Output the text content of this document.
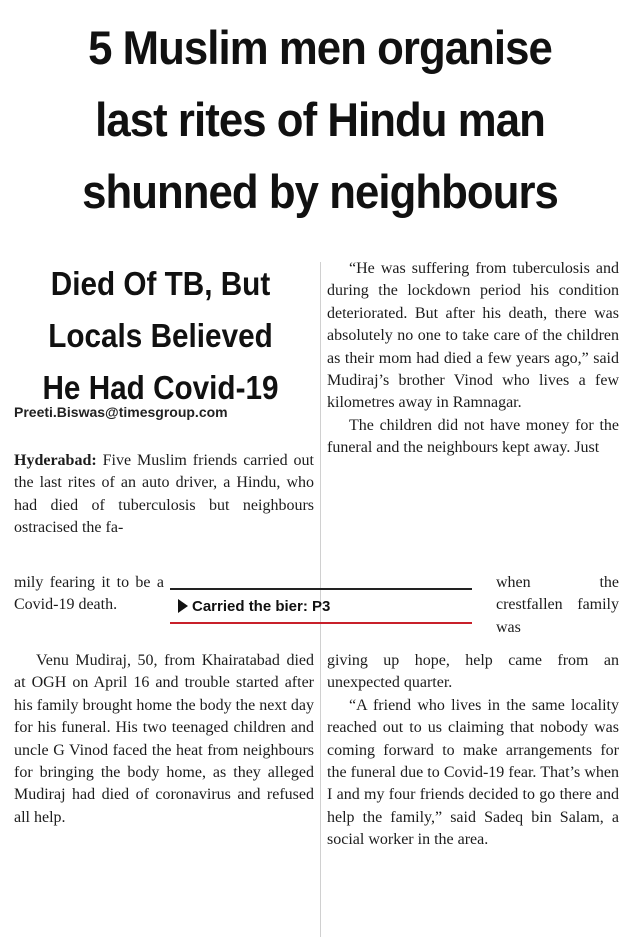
5 Muslim men organise
last rites of Hindu man
shunned by neighbours
Died Of TB, But
Locals Believed
He Had Covid-19
Preeti.Biswas@timesgroup.com

Hyderabad: Five Muslim friends carried out the last rites of an auto driver, a Hindu, who had died of tuberculosis but neighbours ostracised the fa-

mily fearing it to be a Covid-19 death.

Venu Mudiraj, 50, from Khairatabad died at OGH on April 16 and trouble started after his family brought home the body the next day for his funeral. His two teenaged children and uncle G Vinod faced the heat from neighbours for bringing the body home, as they alleged Mudiraj had died of coronavirus and refused all help.

Carried the bier: P3

“He was suffering from tuberculosis and during the lockdown period his condition deteriorated. But after his death, there was absolutely no one to take care of the children as their mom had died a few years ago,” said Mudiraj’s brother Vinod who lives a few kilometres away in Ramnagar.

The children did not have money for the funeral and the neighbours kept away. Just

when the crestfallen family was

giving up hope, help came from an unexpected quarter.

“A friend who lives in the same locality reached out to us claiming that nobody was coming forward to make arrangements for the funeral due to Covid-19 fear. That’s when I and my four friends decided to go there and help the family,” said Sadeq bin Salam, a social worker in the area.
